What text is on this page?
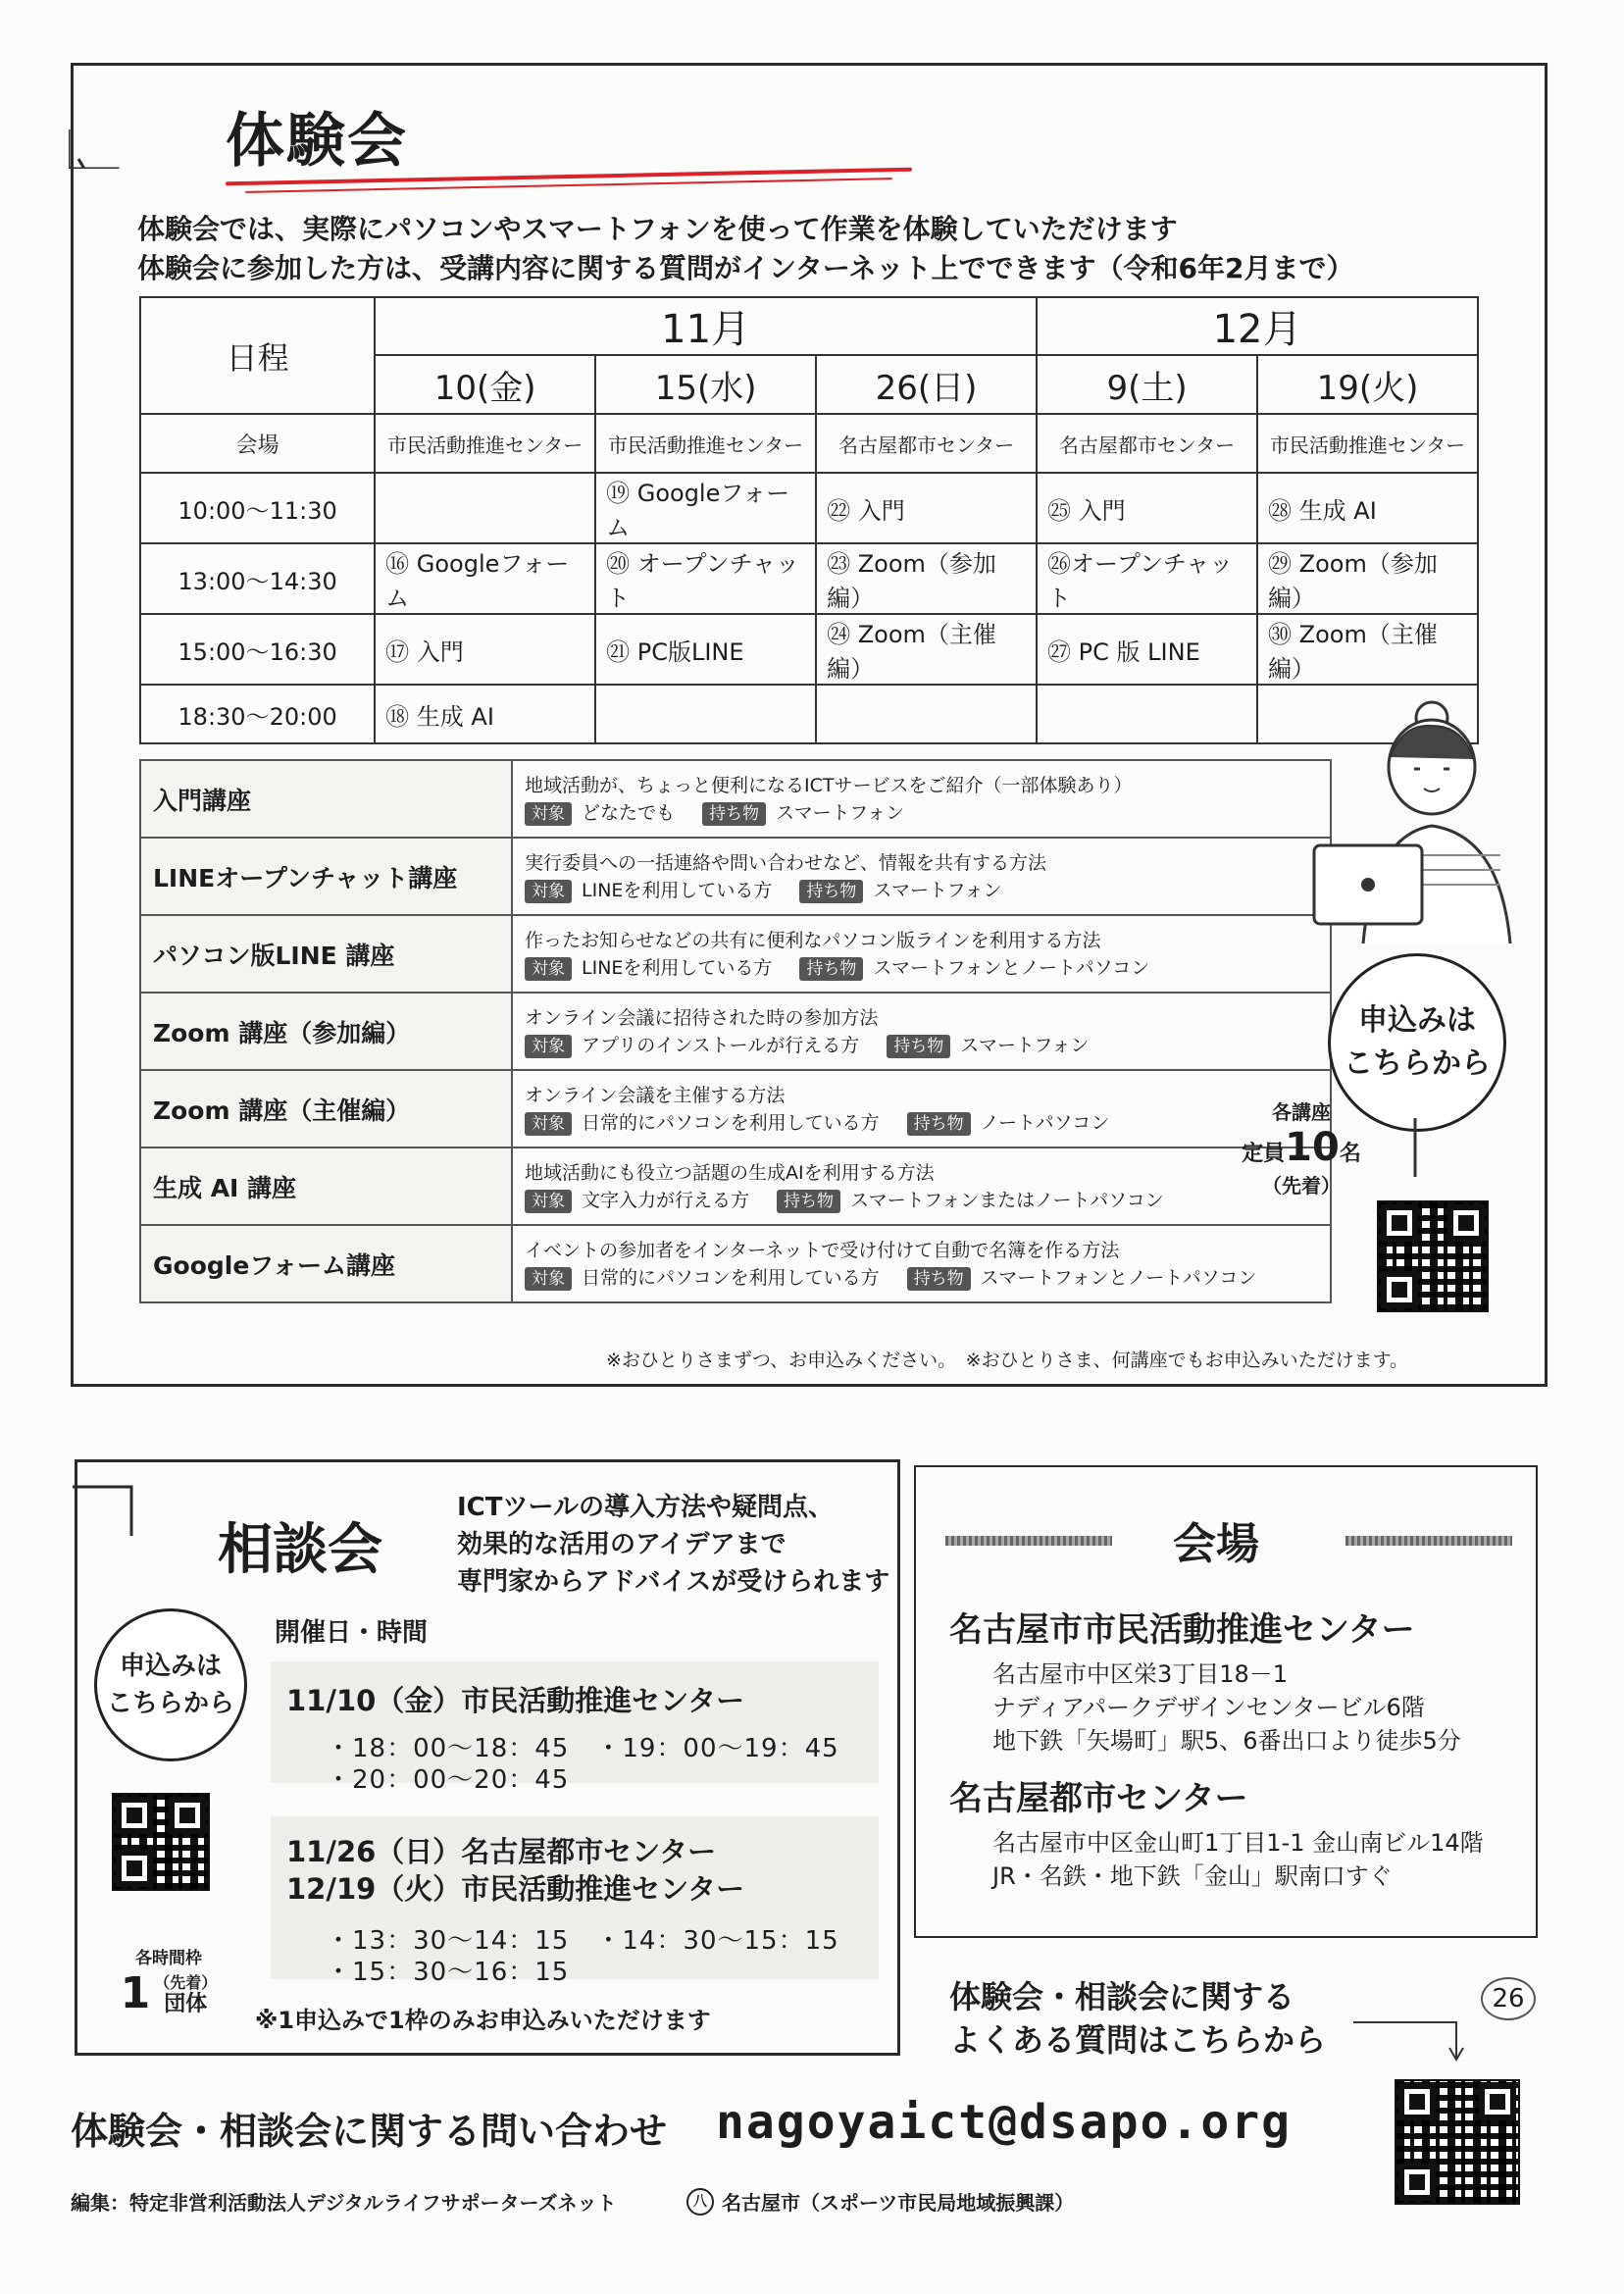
体験会
体験会では、実際にパソコンやスマートフォンを使って作業を体験していただけます
体験会に参加した方は、受講内容に関する質問がインターネット上でできます（令和6年2月まで）
日程	11月			12月	
	10(金)	15(水)	26(日)	9(土)	19(火)
会場	市民活動推進センター	市民活動推進センター	名古屋都市センター	名古屋都市センター	市民活動推進センター
10:00〜11:30		⑲ Googleフォーム	㉒ 入門	㉕ 入門	㉘ 生成 AI
13:00〜14:30	⑯ Googleフォーム	⑳ オープンチャット	㉓ Zoom（参加編）	㉖オープンチャット	㉙ Zoom（参加編）
15:00〜16:30	⑰ 入門	㉑ PC版LINE	㉔ Zoom（主催編）	㉗ PC 版 LINE	㉚ Zoom（主催編）
18:30〜20:00	⑱ 生成 AI				
入門講座	地域活動が、ちょっと便利になるICTサービスをご紹介（一部体験あり）
対象 どなたでも 持ち物 スマートフォン

LINEオープンチャット講座	実行委員への一括連絡や問い合わせなど、情報を共有する方法
対象 LINEを利用している方 持ち物 スマートフォン

パソコン版LINE 講座	作ったお知らせなどの共有に便利なパソコン版ラインを利用する方法
対象 LINEを利用している方 持ち物 スマートフォンとノートパソコン

Zoom 講座（参加編）	オンライン会議に招待された時の参加方法
対象 アプリのインストールが行える方 持ち物 スマートフォン

Zoom 講座（主催編）	オンライン会議を主催する方法
対象 日常的にパソコンを利用している方 持ち物 ノートパソコン

生成 AI 講座	地域活動にも役立つ話題の生成AIを利用する方法
対象 文字入力が行える方 持ち物 スマートフォンまたはノートパソコン

Googleフォーム講座	イベントの参加者をインターネットで受け付けて自動で名簿を作る方法
対象 日常的にパソコンを利用している方 持ち物 スマートフォンとノートパソコン
申込みは
こちらから
各講座
定員10名
（先着）
※おひとりさまずつ、お申込みください。　※おひとりさま、何講座でもお申込みいただけます。
相談会
ICTツールの導入方法や疑問点、
効果的な活用のアイデアまで
専門家からアドバイスが受けられます
開催日・時間
申込みは
こちらから
各時間枠
1 （先着）
団体
11/10（金）市民活動推進センター
・18：00〜18：45　・19：00〜19：45
・20：00〜20：45
11/26（日）名古屋都市センター
12/19（火）市民活動推進センター
・13：30〜14：15　・14：30〜15：15
・15：30〜16：15
※1申込みで1枠のみお申込みいただけます
会場
名古屋市市民活動推進センター
名古屋市中区栄3丁目18－1
ナディアパークデザインセンタービル6階
地下鉄「矢場町」駅5、6番出口より徒歩5分
名古屋都市センター
名古屋市中区金山町1丁目1-1 金山南ビル14階
JR・名鉄・地下鉄「金山」駅南口すぐ
体験会・相談会に関する
よくある質問はこちらから
26
体験会・相談会に関する問い合わせ nagoyaict@dsapo.org
編集：特定非営利活動法人デジタルライフサポーターズネット	八 名古屋市（スポーツ市民局地域振興課）
